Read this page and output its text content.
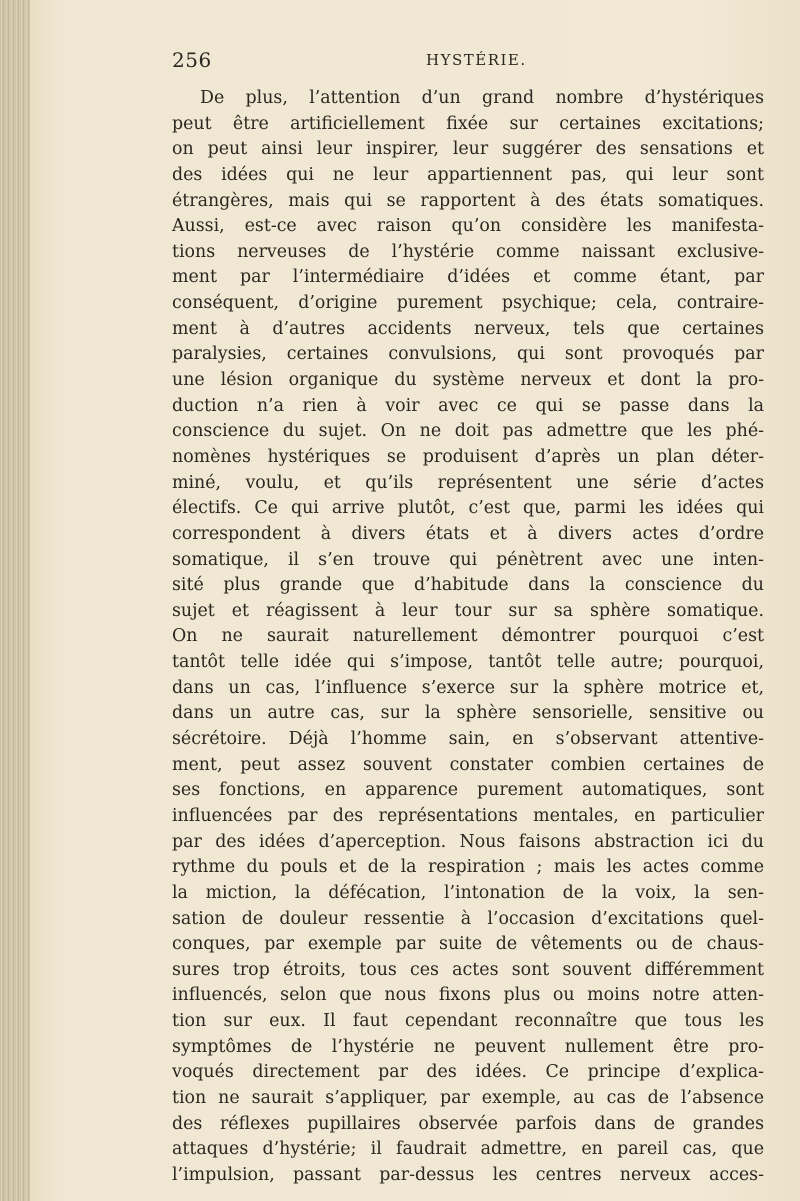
256	HYSTÉRIE.
De plus, l’attention d’un grand nombre d’hystériques
peut être artificiellement fixée sur certaines excitations;
on peut ainsi leur inspirer, leur suggérer des sensations et
des idées qui ne leur appartiennent pas, qui leur sont
étrangères, mais qui se rapportent à des états somatiques.
Aussi, est-ce avec raison qu’on considère les manifesta-
tions nerveuses de l’hystérie comme naissant exclusive-
ment par l’intermédiaire d’idées et comme étant, par
conséquent, d’origine purement psychique; cela, contraire-
ment à d’autres accidents nerveux, tels que certaines
paralysies, certaines convulsions, qui sont provoqués par
une lésion organique du système nerveux et dont la pro-
duction n’a rien à voir avec ce qui se passe dans la
conscience du sujet. On ne doit pas admettre que les phé-
nomènes hystériques se produisent d’après un plan déter-
miné, voulu, et qu’ils représentent une série d’actes
électifs. Ce qui arrive plutôt, c’est que, parmi les idées qui
correspondent à divers états et à divers actes d’ordre
somatique, il s’en trouve qui pénètrent avec une inten-
sité plus grande que d’habitude dans la conscience du
sujet et réagissent à leur tour sur sa sphère somatique.
On ne saurait naturellement démontrer pourquoi c’est
tantôt telle idée qui s’impose, tantôt telle autre; pourquoi,
dans un cas, l’influence s’exerce sur la sphère motrice et,
dans un autre cas, sur la sphère sensorielle, sensitive ou
sécrétoire. Déjà l’homme sain, en s’observant attentive-
ment, peut assez souvent constater combien certaines de
ses fonctions, en apparence purement automatiques, sont
influencées par des représentations mentales, en particulier
par des idées d’aperception. Nous faisons abstraction ici du
rythme du pouls et de la respiration ; mais les actes comme
la miction, la défécation, l’intonation de la voix, la sen-
sation de douleur ressentie à l’occasion d’excitations quel-
conques, par exemple par suite de vêtements ou de chaus-
sures trop étroits, tous ces actes sont souvent différemment
influencés, selon que nous fixons plus ou moins notre atten-
tion sur eux. Il faut cependant reconnaître que tous les
symptômes de l’hystérie ne peuvent nullement être pro-
voqués directement par des idées. Ce principe d’explica-
tion ne saurait s’appliquer, par exemple, au cas de l’absence
des réflexes pupillaires observée parfois dans de grandes
attaques d’hystérie; il faudrait admettre, en pareil cas, que
l’impulsion, passant par-dessus les centres nerveux acces-
